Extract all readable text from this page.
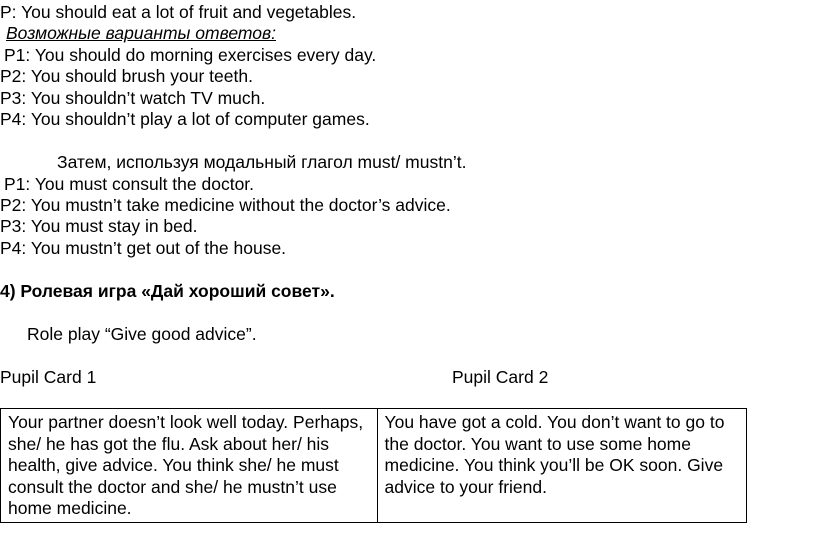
P: You should eat a lot of fruit and vegetables.
Возможные варианты ответов:
P1: You should do morning exercises every day.
P2: You should brush your teeth.
P3: You shouldn’t watch TV much.
P4: You shouldn’t play a lot of computer games.
Затем, используя модальный глагол must/ mustn’t.
P1: You must consult the doctor.
P2: You mustn’t take medicine without the doctor’s advice.
P3: You must stay in bed.
P4: You mustn’t get out of the house.
4) Ролевая игра «Дай хороший совет».
Role play “Give good advice”.
Pupil Card 1	Pupil Card 2
Your partner doesn’t look well today. Perhaps, she/ he has got the flu. Ask about her/ his health, give advice. You think she/ he must consult the doctor and she/ he mustn’t use home medicine.	You have got a cold. You don’t want to go to the doctor. You want to use some home medicine. You think you’ll be OK soon. Give advice to your friend.
